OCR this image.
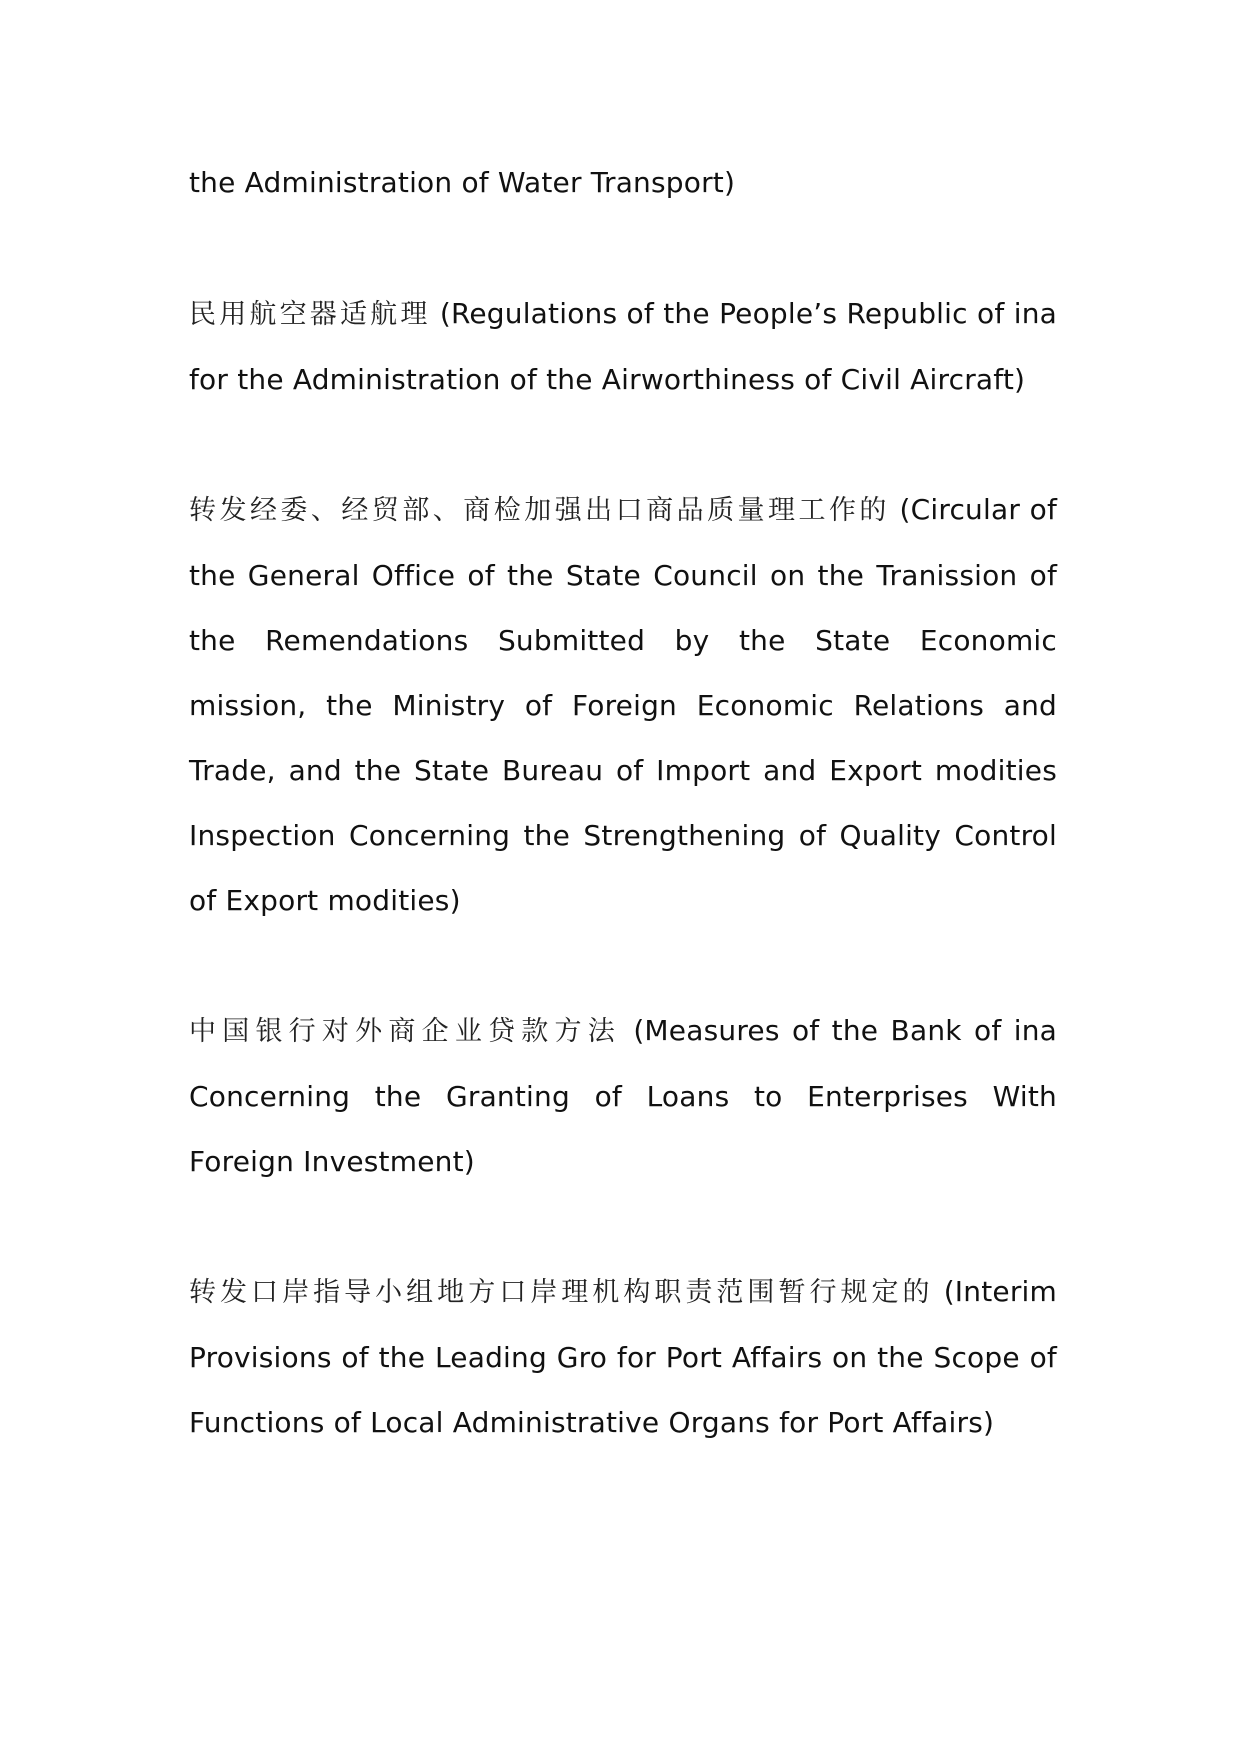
the Administration of Water Transport)

民用航空器适航理 (Regulations of the People’s Republic of ina for the Administration of the Airworthiness of Civil Aircraft)

转发经委、经贸部、商检加强出口商品质量理工作的 (Circular of the General Office of the State Council on the Tranission of the Remendations Submitted by the State Economic mission, the Ministry of Foreign Economic Relations and Trade, and the State Bureau of Import and Export modities Inspection Concerning the Strengthening of Quality Control of Export modities)

中国银行对外商企业贷款方法 (Measures of the Bank of ina Concerning the Granting of Loans to Enterprises With Foreign Investment)

转发口岸指导小组地方口岸理机构职责范围暂行规定的 (Interim Provisions of the Leading Gro for Port Affairs on the Scope of Functions of Local Administrative Organs for Port Affairs)
